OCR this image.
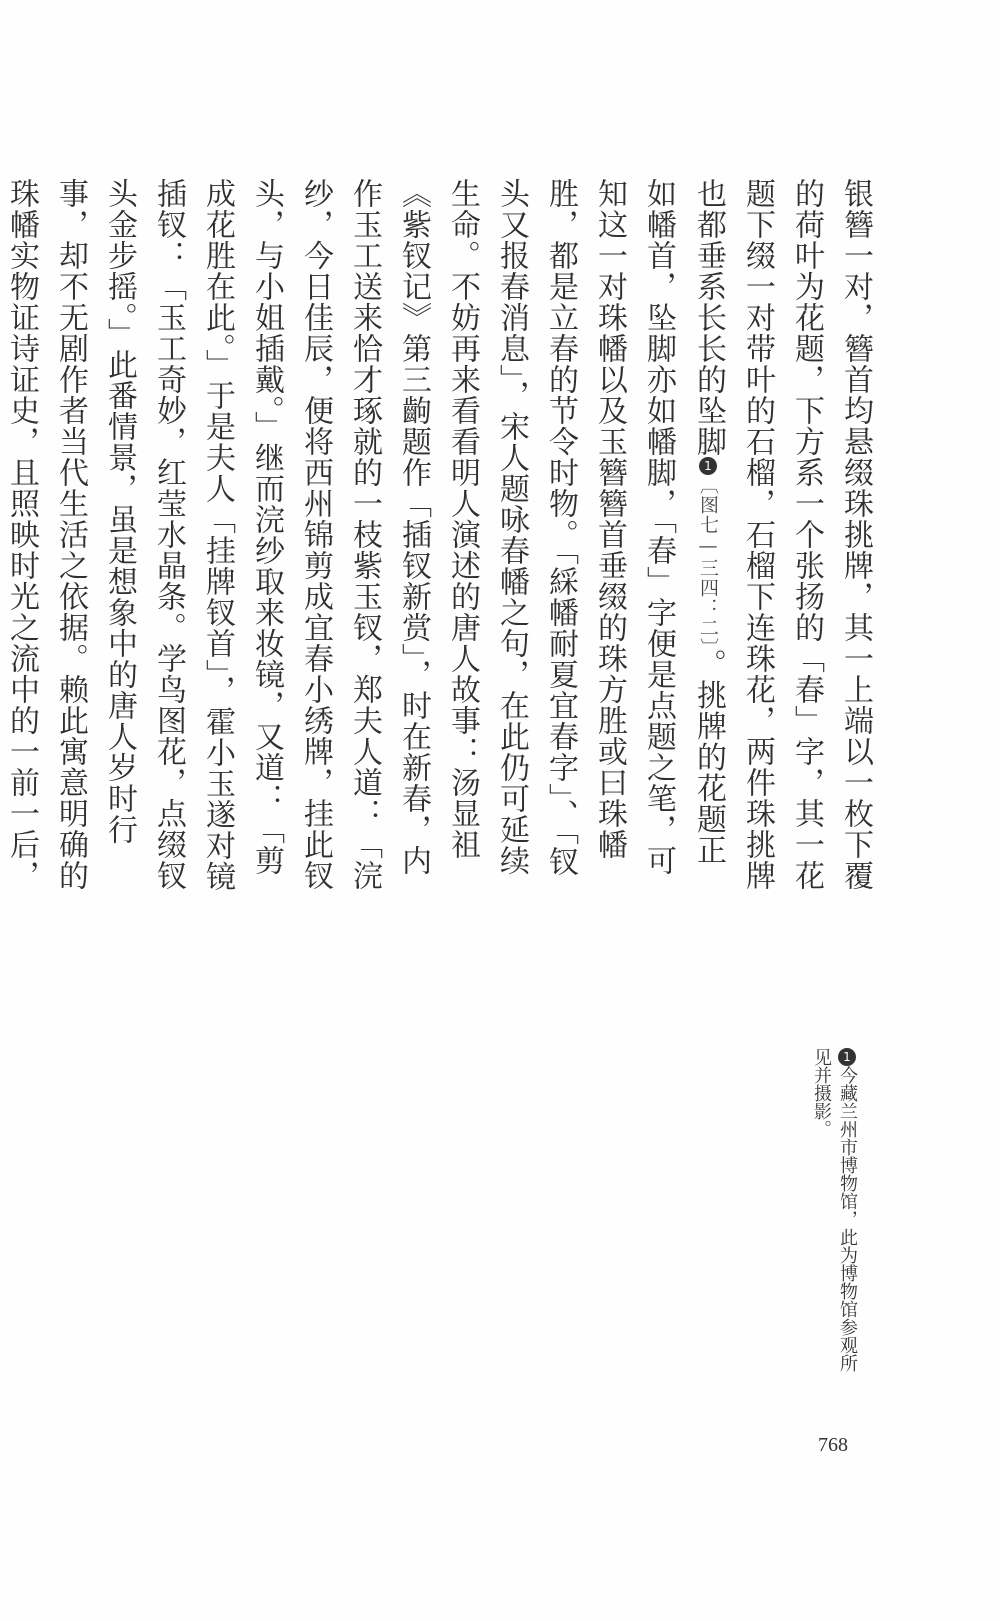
银簪一对，簪首均悬缀珠挑牌，其一上端以一枚下覆的荷叶为花题，下方系一个张扬的「春」字，其一花题下缀一对带叶的石榴，石榴下连珠花，两件珠挑牌也都垂系长长的坠脚1〔图七—三四：二〕。挑牌的花题正如幡首，坠脚亦如幡脚，「春」字便是点题之笔，可知这一对珠幡以及玉簪簪首垂缀的珠方胜或曰珠幡胜，都是立春的节令时物。「綵幡耐夏宜春字」、「钗头又报春消息」，宋人题咏春幡之句，在此仍可延续生命。不妨再来看看明人演述的唐人故事：汤显祖《紫钗记》第三齣题作「插钗新赏」，时在新春，内作玉工送来恰才琢就的一枝紫玉钗，郑夫人道：「浣纱，今日佳辰，便将西州锦剪成宜春小绣牌，挂此钗头，与小姐插戴。」继而浣纱取来妆镜，又道：「剪成花胜在此。」于是夫人「挂牌钗首」，霍小玉遂对镜插钗：「玉工奇妙，红莹水晶条。学鸟图花，点缀钗头金步摇。」此番情景，虽是想象中的唐人岁时行事，却不无剧作者当代生活之依据。赖此寓意明确的珠幡实物证诗证史，且照映时光之流中的一前一后，

1今藏兰州市博物馆，此为博物馆参观所见并摄影。
768
